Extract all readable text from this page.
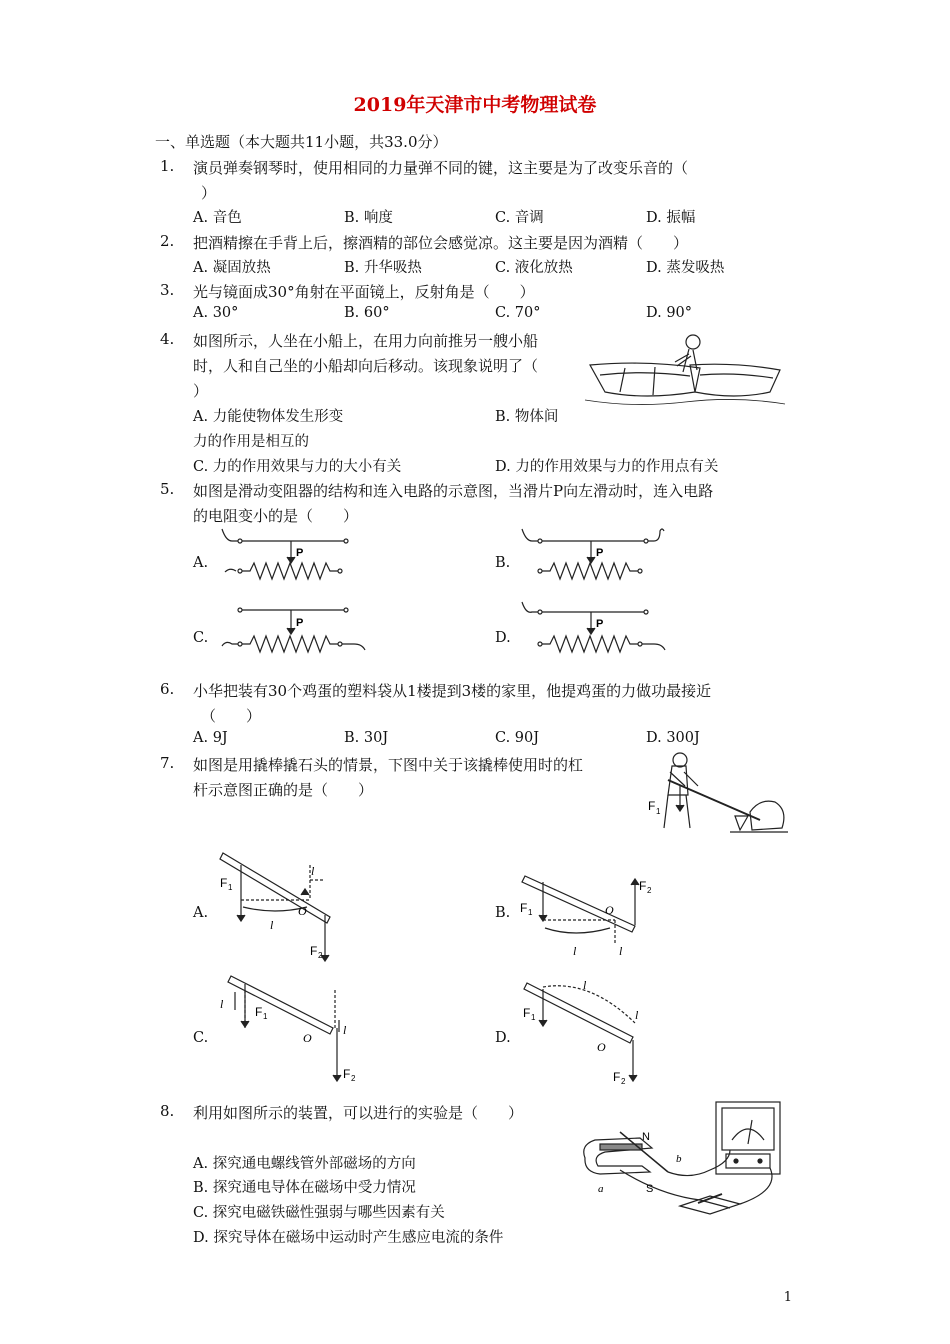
2019年天津市中考物理试卷
一、单选题（本大题共11小题，共33.0分）
1. 演员弹奏钢琴时，使用相同的力量弹不同的键，这主要是为了改变乐音的（
）
A. 音色	B. 响度	C. 音调	D. 振幅
2. 把酒精擦在手背上后，擦酒精的部位会感觉凉。这主要是因为酒精（　　）
A. 凝固放热	B. 升华吸热	C. 液化放热	D. 蒸发吸热
3. 光与镜面成30°角射在平面镜上，反射角是（　　）
A. 30°	B. 60°	C. 70°	D. 90°
4. 如图所示，人坐在小船上，在用力向前推另一艘小船
时，人和自己坐的小船却向后移动。该现象说明了（
）
A. 力能使物体发生形变	B. 物体间
力的作用是相互的
C. 力的作用效果与力的大小有关	D. 力的作用效果与力的作用点有关
5. 如图是滑动变阻器的结构和连入电路的示意图，当滑片P向左滑动时，连入电路
的电阻变小的是（　　）
A.	B.
C.	D.
P	P
P	P
6. 小华把装有30个鸡蛋的塑料袋从1楼提到3楼的家里，他提鸡蛋的力做功最接近
（　　）
A. 9J	B. 30J	C. 90J	D. 300J
7. 如图是用撬棒撬石头的情景，下图中关于该撬棒使用时的杠
杆示意图正确的是（　　）
F 1
A.	B.
C.	D.
F 1
O
F 2
l
l
F 1	O
F 2
l	l
l
F 1
O
l
F 2
F 1
l
O
l
F 2
8. 利用如图所示的装置，可以进行的实验是（　　）
A. 探究通电螺线管外部磁场的方向
B. 探究通电导体在磁场中受力情况
C. 探究电磁铁磁性强弱与哪些因素有关
D. 探究导体在磁场中运动时产生感应电流的条件
N
S
a
b
1
